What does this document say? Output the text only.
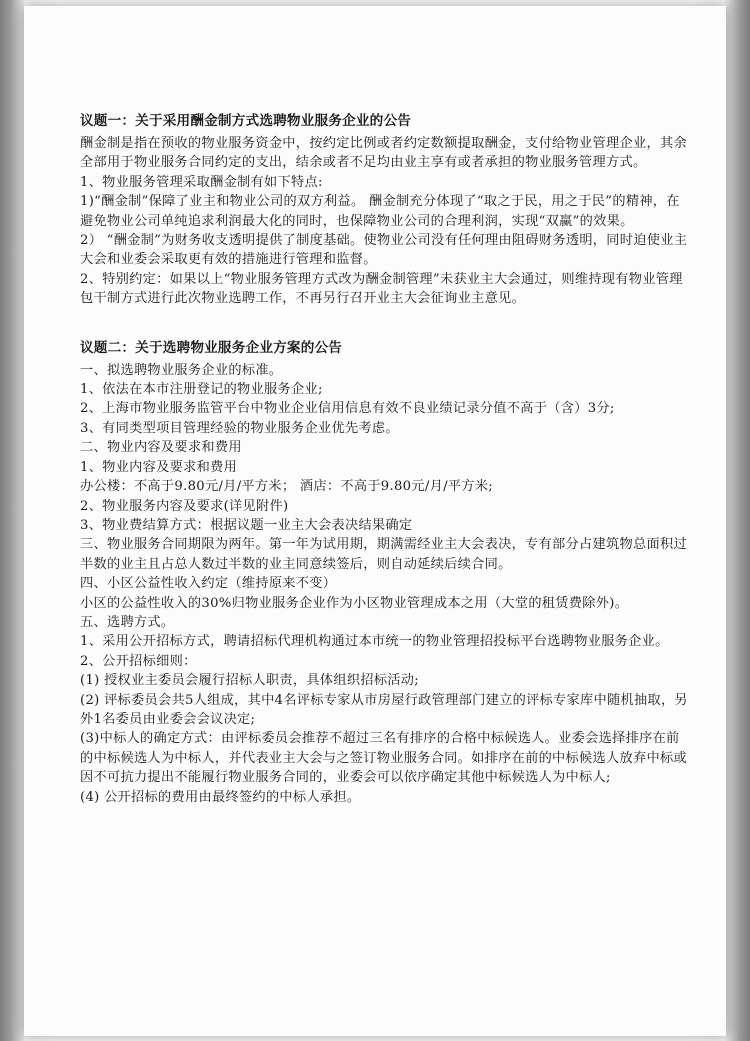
议题一：关于采用酬金制方式选聘物业服务企业的公告

酬金制是指在预收的物业服务资金中，按约定比例或者约定数额提取酬金，支付给物业管理企业，其余全部用于物业服务合同约定的支出，结余或者不足均由业主享有或者承担的物业服务管理方式。

1、物业服务管理采取酬金制有如下特点:

1)“酬金制”保障了业主和物业公司的双方利益。 酬金制充分体现了“取之于民，用之于民”的精神，在避免物业公司单纯追求利润最大化的同时，也保障物业公司的合理利润，实现“双赢”的效果。

2） “酬金制”为财务收支透明提供了制度基础。使物业公司没有任何理由阻碍财务透明，同时迫使业主大会和业委会采取更有效的措施进行管理和监督。

2、特别约定：如果以上“物业服务管理方式改为酬金制管理”未获业主大会通过，则维持现有物业管理包干制方式进行此次物业选聘工作，不再另行召开业主大会征询业主意见。

议题二：关于选聘物业服务企业方案的公告

一、拟选聘物业服务企业的标准。

1、依法在本市注册登记的物业服务企业;

2、上海市物业服务监管平台中物业企业信用信息有效不良业绩记录分值不高于（含）3分;

3、有同类型项目管理经验的物业服务企业优先考虑。

二、物业内容及要求和费用

1、物业内容及要求和费用

办公楼：不高于9.80元/月/平方米； 酒店：不高于9.80元/月/平方米;

2、物业服务内容及要求(详见附件)

3、物业费结算方式：根据议题一业主大会表决结果确定

三、物业服务合同期限为两年。第一年为试用期，期满需经业主大会表决，专有部分占建筑物总面积过半数的业主且占总人数过半数的业主同意续签后，则自动延续后续合同。

四、小区公益性收入约定（维持原来不变）

小区的公益性收入的30%归物业服务企业作为小区物业管理成本之用（大堂的租赁费除外)。

五、选聘方式。

1、采用公开招标方式，聘请招标代理机构通过本市统一的物业管理招投标平台选聘物业服务企业。

2、公开招标细则：

(1) 授权业主委员会履行招标人职责，具体组织招标活动;

(2) 评标委员会共5人组成，其中4名评标专家从市房屋行政管理部门建立的评标专家库中随机抽取，另外1名委员由业委会会议决定;

(3)中标人的确定方式：由评标委员会推荐不超过三名有排序的合格中标候选人。业委会选择排序在前的中标候选人为中标人，并代表业主大会与之签订物业服务合同。如排序在前的中标候选人放弃中标或因不可抗力提出不能履行物业服务合同的，业委会可以依序确定其他中标候选人为中标人;

(4) 公开招标的费用由最终签约的中标人承担。
